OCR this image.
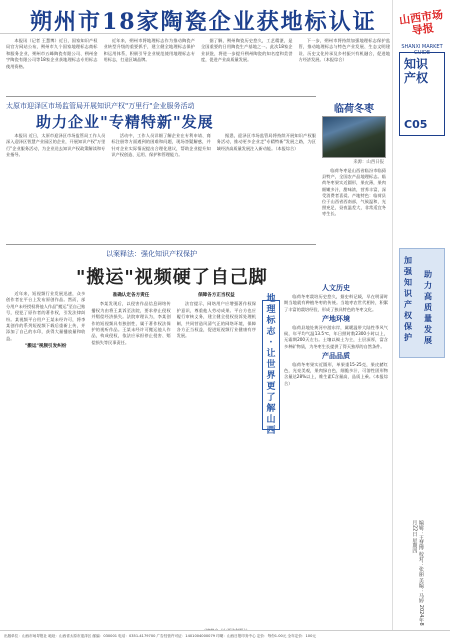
朔州市18家陶瓷企业获地标认证

本报讯（记者 王慧博）近日，国家知识产权局官方网站公布，朔州市九个国家地理标志商标和服务企业，朔州市五峰陶瓷有限公司、朔州金宇陶瓷有限公司等18家企业获地理标志专用标志使用资格。

近年来，朔州市将地理标志作为推动陶瓷产业转型升级的重要抓手，建立健全地理标志保护和运用体系，积极引导企业规范使用地理标志专用标志，打造区域品牌。

据了解，朔州陶瓷历史悠久，工艺精湛，是全国重要的日用陶瓷生产基地之一。此次18家企业获批，将进一步提升朔州陶瓷的知名度和美誉度，促进产业高质量发展。

下一步，朔州市将持续加强地理标志保护监管，推动地理标志与特色产业发展、生态文明建设、历史文化传承及乡村振兴有机融合，促进地方经济发展。（本报综合）

太原市迎泽区市场监管局开展知识产权"万里行"企业服务活动
助力企业"专精特新"发展

本报讯 近日，太原市迎泽区市场监管局工作人员深入迎泽区智慧产业园区的企业，开展知识产权"万里行"企业服务活动，为企业送去知识产权政策解读和专业指导。

活动中，工作人员详细了解企业在专利申请、商标注册等方面遇到的困难和问题，现场答疑解惑，并针对企业实际情况提出合理化建议，帮助企业提升知识产权创造、运用、保护和管理能力。

据悉，迎泽区市场监管局将持续开展知识产权服务活动，推动更多企业走"专精特新"发展之路，为区域经济高质量发展注入新动能。（本报综合）

临荷冬枣
来源：山西日报

临荷冬枣是山西省临汾市临猗县特产，全国农产品地理标志。临荷冬枣果实近圆形，果皮薄，果肉细嫩多汁，甜味浓，营养丰富，深受消费者喜爱。产地特色：临荷县位于山西省西南部，气候温和，光照充足，昼夜温差大，非常适宜冬枣生长。

以案释法：强化知识产权保护
"搬运"视频硬了自己脚

近年来，短视频行业发展迅速，众多创作者在平台上发布原创作品。然而，部分用户未经授权将他人作品"搬运"至自己账号，侵犯了原作者的著作权，引发法律纠纷。某视频平台用户王某未经许可，将李某创作的系列短视频下载后重新上传，并添加了自己的水印，获得大量播放量和收益。

"搬运"视频引发纠纷

准确认定各方责任

李某发现后，以侵害作品信息网络传播权为由将王某诉至法院，要求停止侵权并赔偿经济损失。法院审理认为，李某创作的短视频具有独创性，属于著作权法保护的视听作品。王某未经许可搬运他人作品，构成侵权，依法应承担停止侵害、赔偿损失等民事责任。

保障各方正当权益

法官提示，网络用户应增强著作权保护意识，尊重他人劳动成果。平台方也应履行审核义务，建立健全侵权投诉处理机制，共同营造风清气正的网络环境，保障各方正当权益，促进短视频行业健康有序发展。

地
理
标
志
·
让
世
界
更
了
解
山
西

人文历史

临荷冬枣栽培历史悠久，据史料记载，早在明清时期当地就有种植冬枣的传统。当地枣农世代相传，积累了丰富的栽培经验，形成了独具特色的冬枣文化。

产地环境

临荷县地处黄河中游东岸，属暖温带大陆性季风气候，年平均气温13.5℃，年日照时数2300小时以上，无霜期200天左右。土壤以褐土为主，土层深厚，富含多种矿物质，为冬枣生长提供了得天独厚的自然条件。

产品品质

临荷冬枣果实近圆形，单果重15-25克，果皮赭红色，光亮美观，果肉绿白色，细脆多汁，可溶性固形物含量达28%以上，维生素C含量高，品质上乘。（本报综合）

山西市场导报
SHANXI MARKET GUIDE
知识产权
C05
加强知识产权保护
助力高质量发展
编辑：王慧博 校对：张丽 美编：马婷 2024年8月22日 星期四
出版单位：山西市场导报社 地址：山西省太原市迎泽区 邮编：030001 电话：0351-4179700 广告经营许可证：1401004000079 印刷：山西日报印务中心 定价：每份1.00元 全年定价：100元
